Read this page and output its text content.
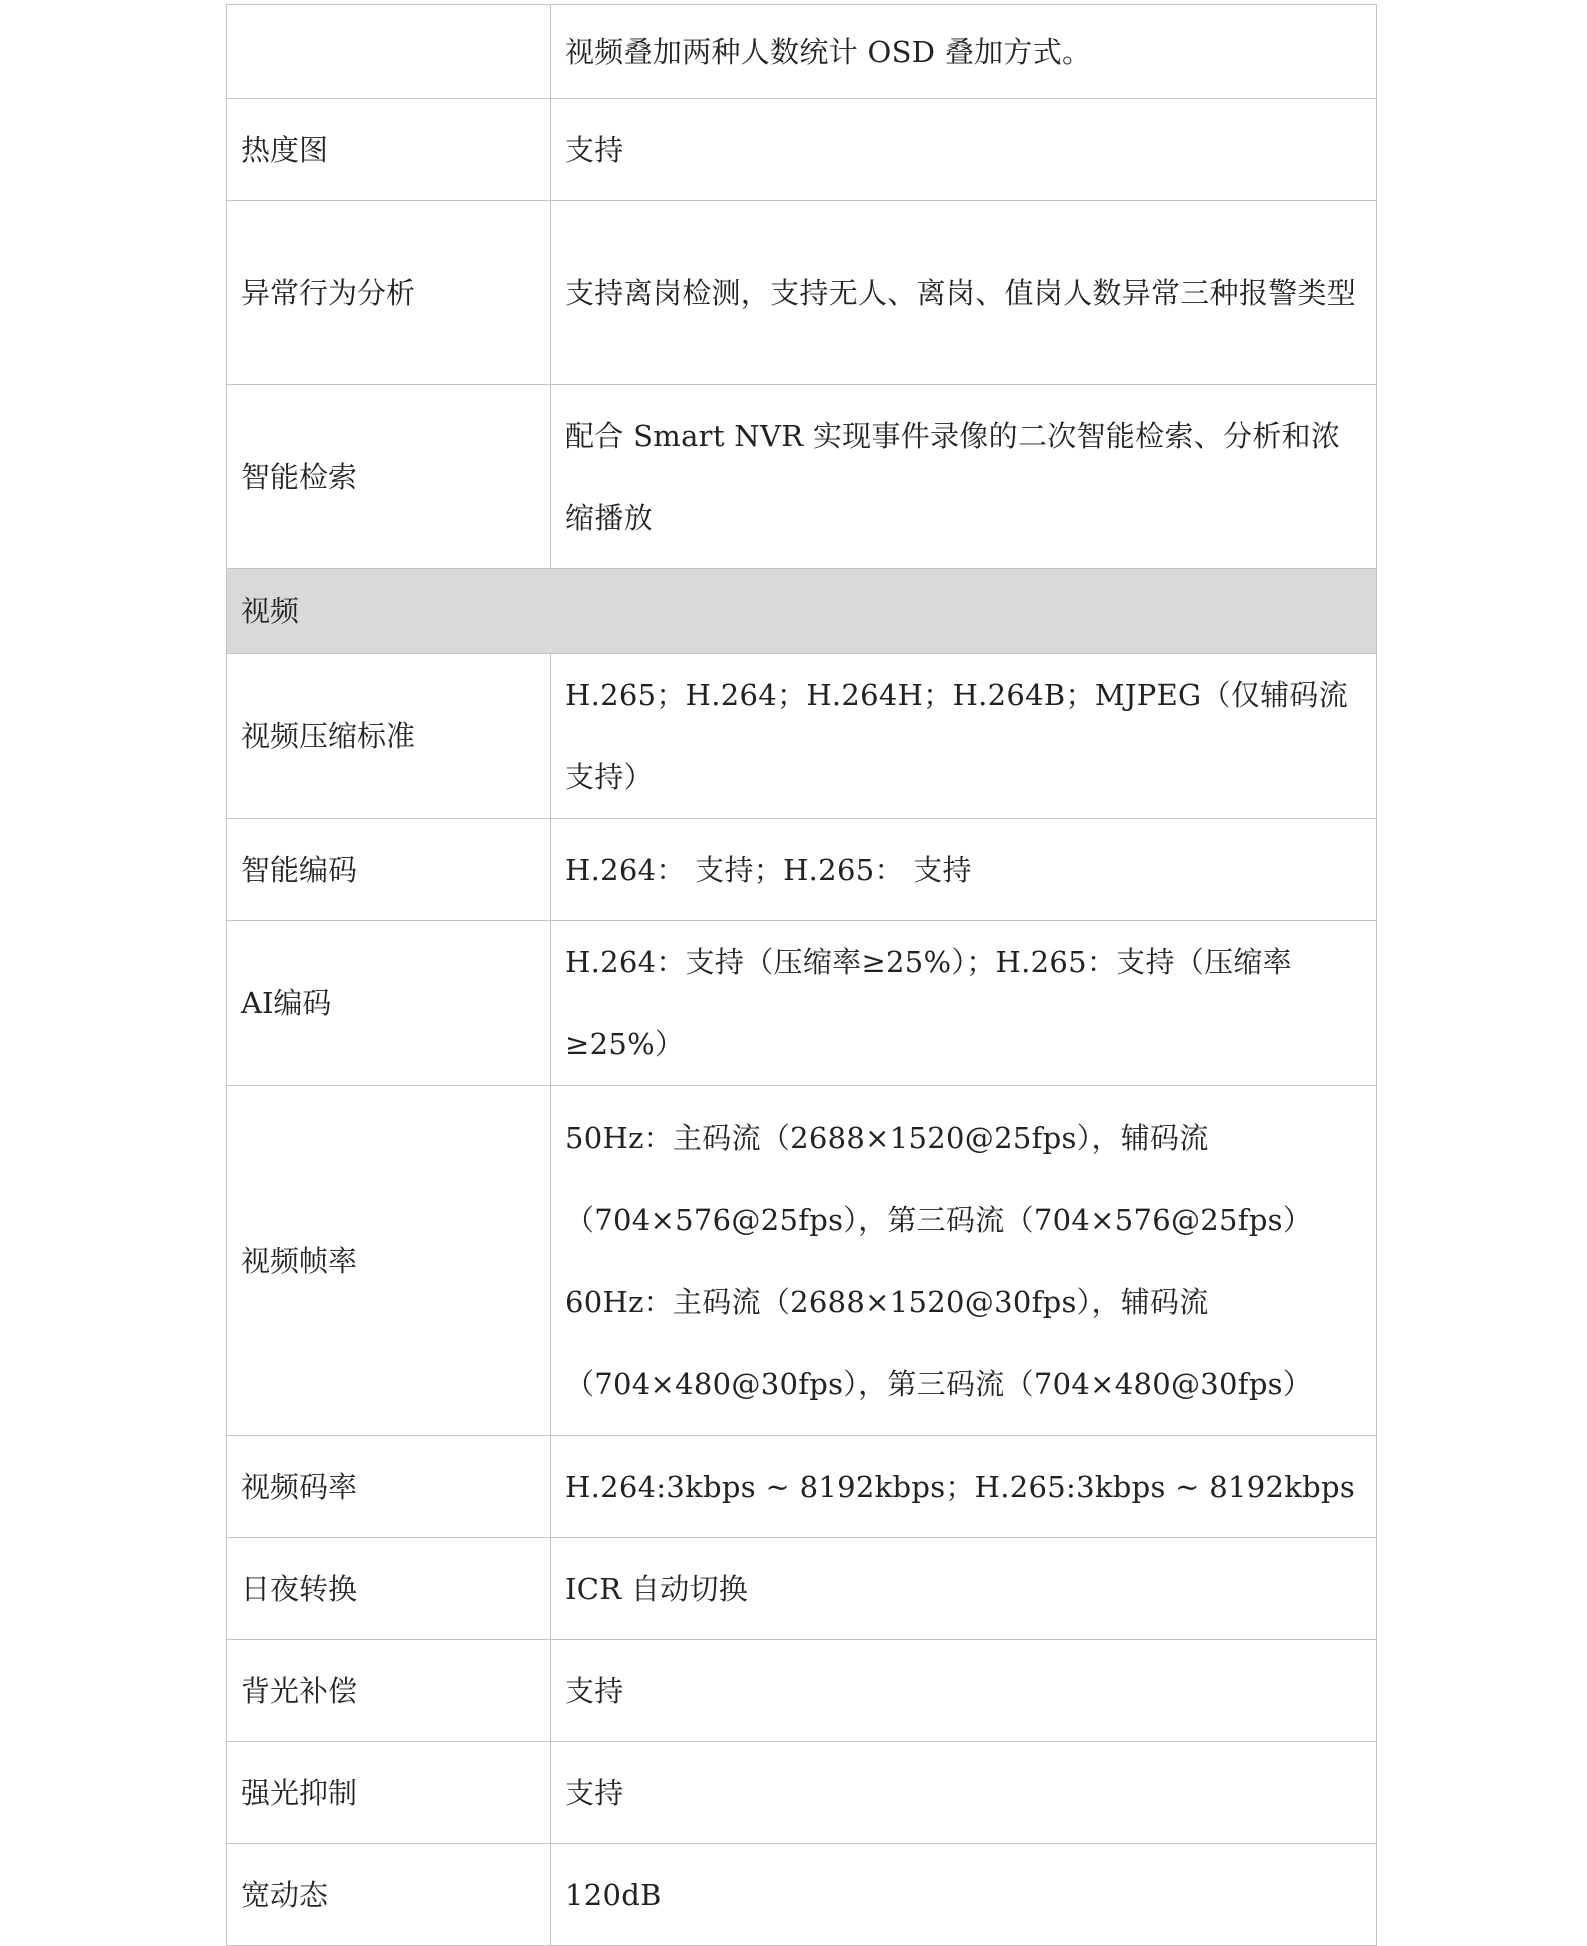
	视频叠加两种人数统计 OSD 叠加方式。
热度图	支持
异常行为分析	支持离岗检测，支持无人、离岗、值岗人数异常三种报警类型
智能检索	配合 Smart NVR 实现事件录像的二次智能检索、分析和浓缩播放
视频	
视频压缩标准	H.265；H.264；H.264H；H.264B；MJPEG（仅辅码流支持）
智能编码	H.264： 支持；H.265： 支持
AI编码	H.264：支持（压缩率≥25%）；H.265：支持（压缩率≥25%）
视频帧率	50Hz：主码流（2688×1520@25fps），辅码流（704×576@25fps），第三码流（704×576@25fps） 60Hz：主码流（2688×1520@30fps），辅码流（704×480@30fps），第三码流（704×480@30fps）
视频码率	H.264:3kbps ~ 8192kbps；H.265:3kbps ~ 8192kbps
日夜转换	ICR 自动切换
背光补偿	支持
强光抑制	支持
宽动态	120dB
